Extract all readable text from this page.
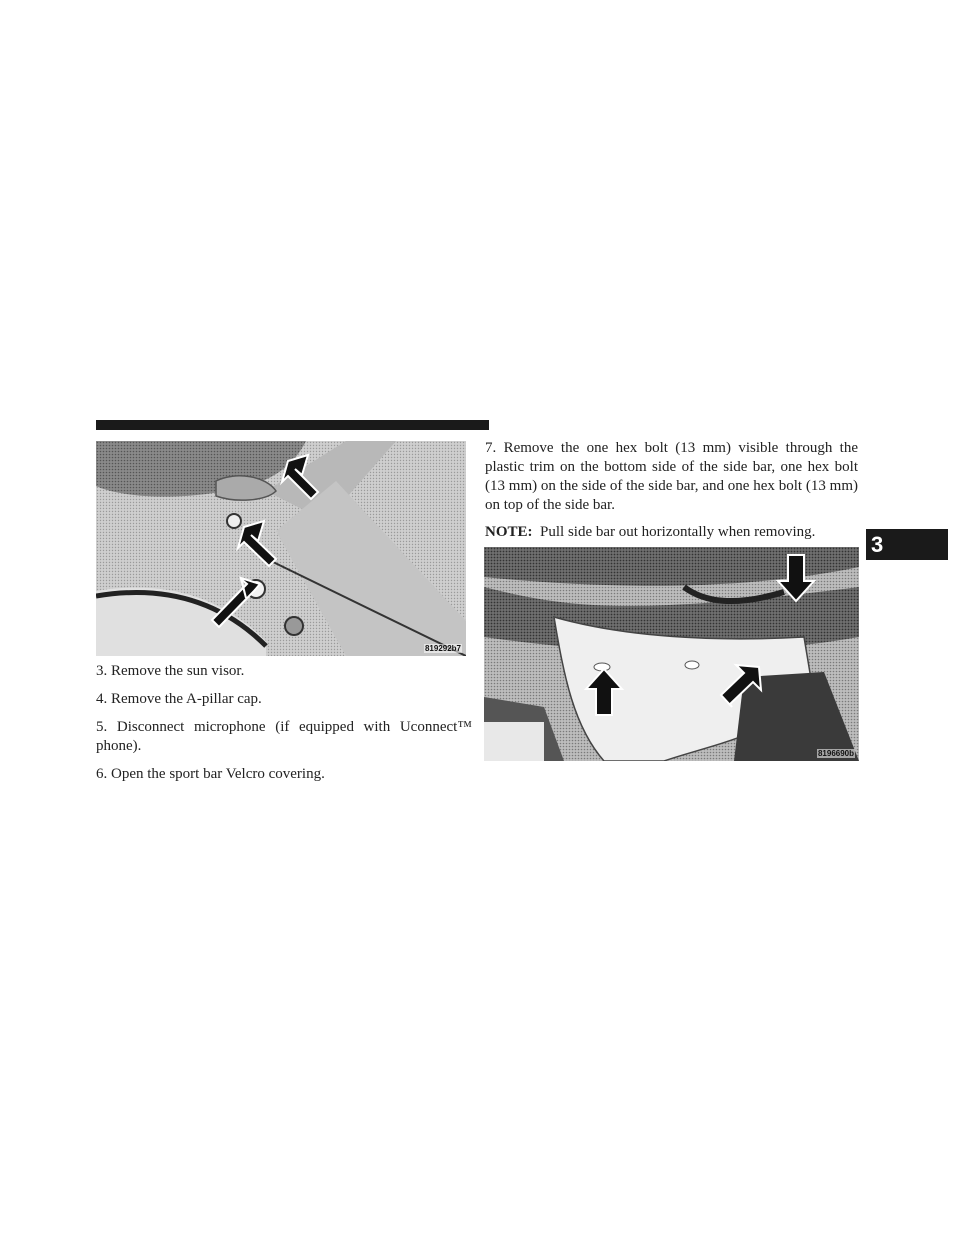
819292b7

3. Remove the sun visor.

4. Remove the A-pillar cap.

5. Disconnect microphone (if equipped with Uconnect™ phone).

6. Open the sport bar Velcro covering.

7. Remove the one hex bolt (13 mm) visible through the plastic trim on the bottom side of the side bar, one hex bolt (13 mm) on the side of the side bar, and one hex bolt (13 mm) on top of the side bar.

NOTE: Pull side bar out horizontally when removing.

8196690b
3
